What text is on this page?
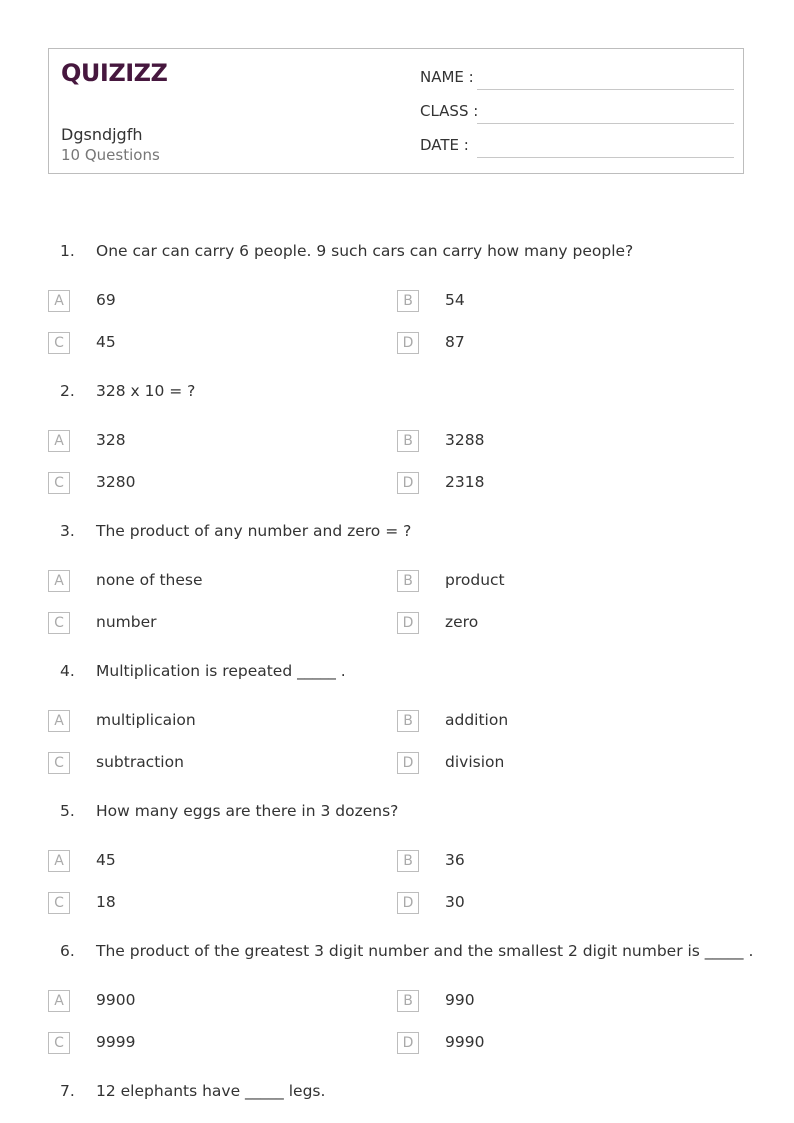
QUIZIZZ
Dgsndjgfh
10 Questions
NAME :
CLASS :
DATE :
1. One car can carry 6 people. 9 such cars can carry how many people?
A	69	B	54
C	45	D	87
2. 328 x 10 = ?
A	328	B	3288
C	3280	D	2318
3. The product of any number and zero = ?
A	none of these	B	product
C	number	D	zero
4. Multiplication is repeated _____ .
A	multiplicaion	B	addition
C	subtraction	D	division
5. How many eggs are there in 3 dozens?
A	45	B	36
C	18	D	30
6. The product of the greatest 3 digit number and the smallest 2 digit number is _____ .
A	9900	B	990
C	9999	D	9990
7. 12 elephants have _____ legs.
